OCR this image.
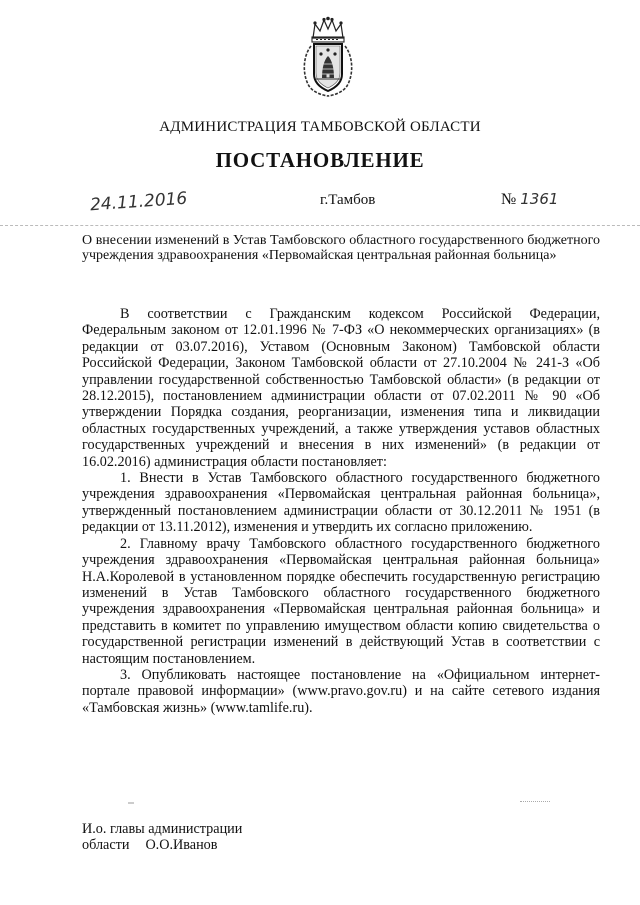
АДМИНИСТРАЦИЯ ТАМБОВСКОЙ ОБЛАСТИ
ПОСТАНОВЛЕНИЕ
24.11.2016	г.Тамбов	№ 1361
О внесении изменений в Устав Тамбовского областного государственного бюджетного учреждения здравоохранения «Первомайская центральная районная больница»

В соответствии с Гражданским кодексом Российской Федерации, Федеральным законом от 12.01.1996 № 7-ФЗ «О некоммерческих организациях» (в редакции от 03.07.2016), Уставом (Основным Законом) Тамбовской области Российской Федерации, Законом Тамбовской области от 27.10.2004 № 241-З «Об управлении государственной собственностью Тамбовской области» (в редакции от 28.12.2015), постановлением администрации области от 07.02.2011 № 90 «Об утверждении Порядка создания, реорганизации, изменения типа и ликвидации областных государственных учреждений, а также утверждения уставов областных государственных учреждений и внесения в них изменений» (в редакции от 16.02.2016) администрация области постановляет:

1. Внести в Устав Тамбовского областного государственного бюджетного учреждения здравоохранения «Первомайская центральная районная больница», утвержденный постановлением администрации области от 30.12.2011 № 1951 (в редакции от 13.11.2012), изменения и утвердить их согласно приложению.

2. Главному врачу Тамбовского областного государственного бюджетного учреждения здравоохранения «Первомайская центральная районная больница» Н.А.Королевой в установленном порядке обеспечить государственную регистрацию изменений в Устав Тамбовского областного государственного бюджетного учреждения здравоохранения «Первомайская центральная районная больница» и представить в комитет по управлению имуществом области копию свидетельства о государственной регистрации изменений в действующий Устав в соответствии с настоящим постановлением.

3. Опубликовать настоящее постановление на «Официальном интернет-портале правовой информации» (www.pravo.gov.ru) и на сайте сетевого издания «Тамбовская жизнь» (www.tamlife.ru).

И.о. главы администрации
области О.О.Иванов
